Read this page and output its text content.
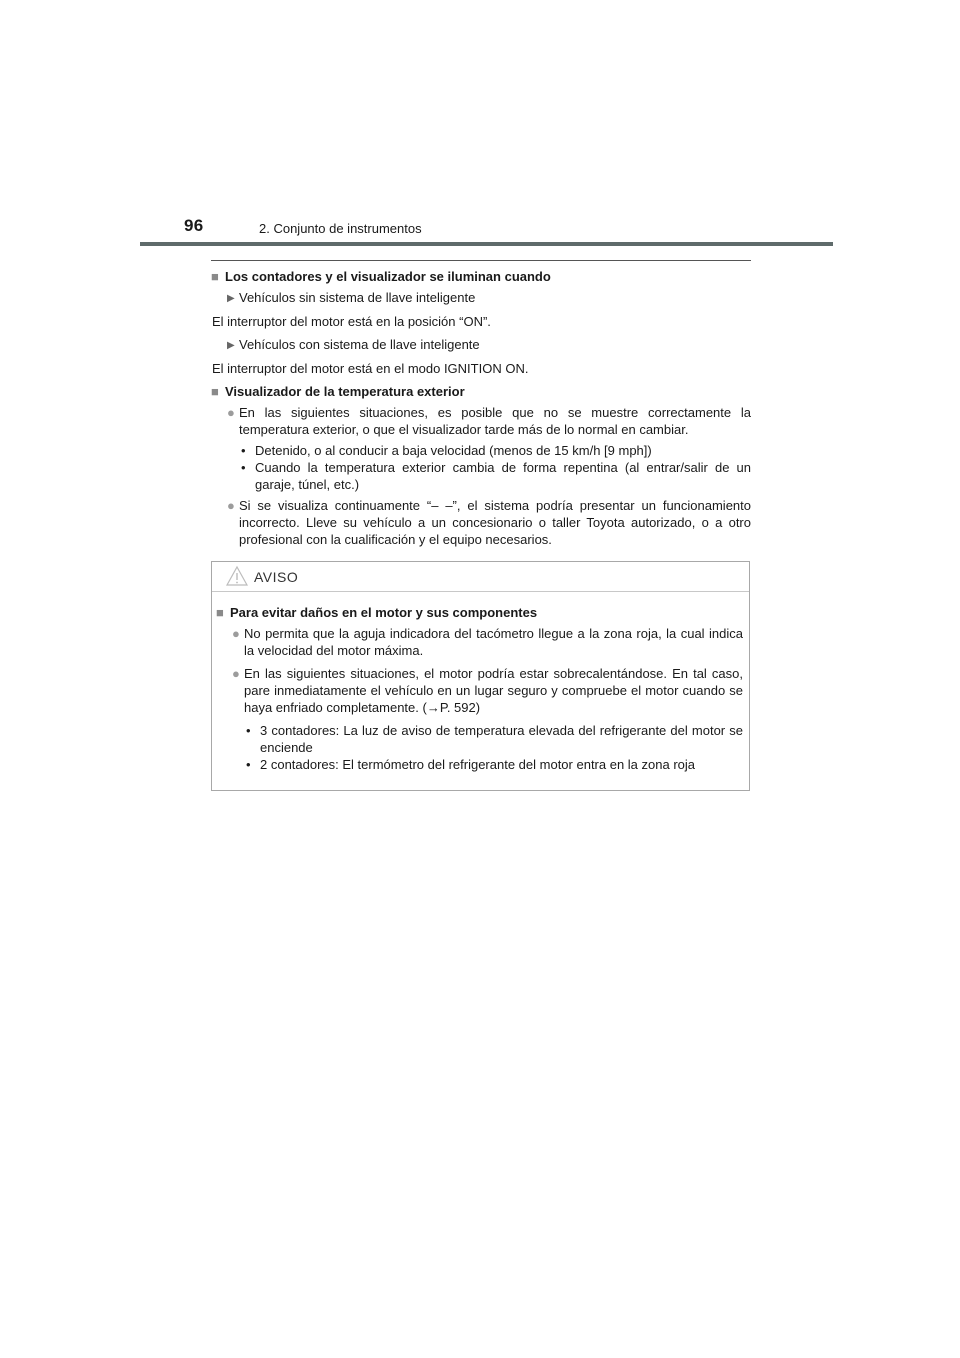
96	2. Conjunto de instrumentos
■ Los contadores y el visualizador se iluminan cuando
▶ Vehículos sin sistema de llave inteligente
El interruptor del motor está en la posición “ON”.
▶ Vehículos con sistema de llave inteligente
El interruptor del motor está en el modo IGNITION ON.
■ Visualizador de la temperatura exterior
● En las siguientes situaciones, es posible que no se muestre correctamente la temperatura exterior, o que el visualizador tarde más de lo normal en cambiar.
• Detenido, o al conducir a baja velocidad (menos de 15 km/h [9 mph])
• Cuando la temperatura exterior cambia de forma repentina (al entrar/salir de un garaje, túnel, etc.)
● Si se visualiza continuamente “– –”, el sistema podría presentar un funcionamiento incorrecto. Lleve su vehículo a un concesionario o taller Toyota autorizado, o a otro profesional con la cualificación y el equipo necesarios.
AVISO
■ Para evitar daños en el motor y sus componentes
● No permita que la aguja indicadora del tacómetro llegue a la zona roja, la cual indica la velocidad del motor máxima.
● En las siguientes situaciones, el motor podría estar sobrecalentándose. En tal caso, pare inmediatamente el vehículo en un lugar seguro y compruebe el motor cuando se haya enfriado completamente. (→P. 592)
• 3 contadores: La luz de aviso de temperatura elevada del refrigerante del motor se enciende
• 2 contadores: El termómetro del refrigerante del motor entra en la zona roja
